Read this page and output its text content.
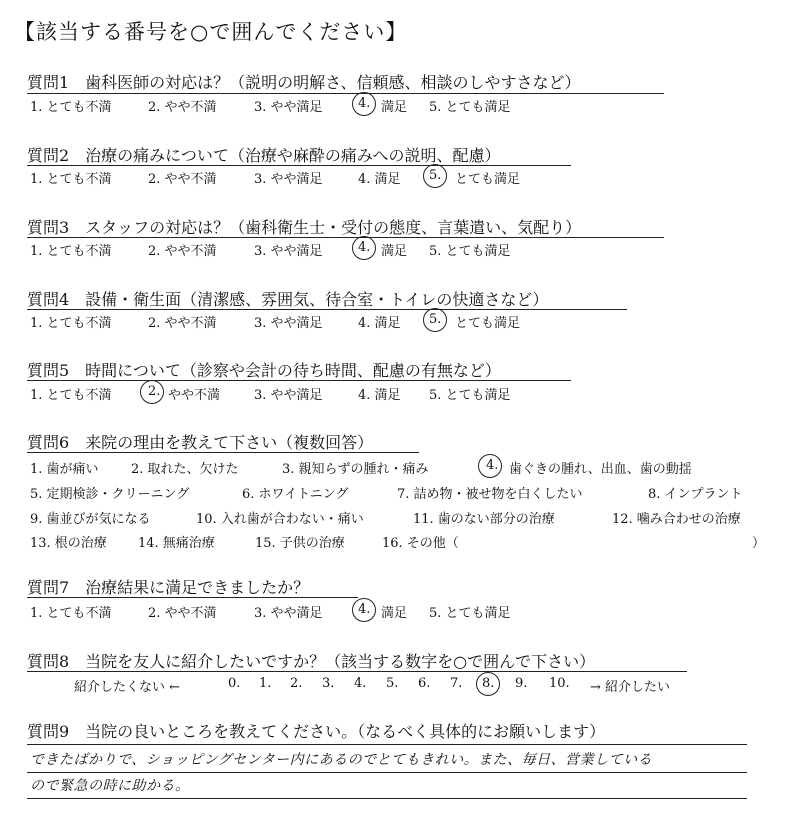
【該当する番号を○で囲んでください】
質問1　歯科医師の対応は？（説明の明解さ、信頼感、相談のしやすさなど）
1. とても不満	2. やや不満	3. やや満足	4. 満足 5. とても満足
質問2　治療の痛みについて（治療や麻酔の痛みへの説明、配慮）
1. とても不満	2. やや不満	3. やや満足	4. 満足 5. とても満足
質問3　スタッフの対応は？（歯科衛生士・受付の態度、言葉遣い、気配り）
1. とても不満	2. やや不満	3. やや満足	4. 満足 5. とても満足
質問4　設備・衛生面（清潔感、雰囲気、待合室・トイレの快適さなど）
1. とても不満	2. やや不満	3. やや満足	4. 満足 5. とても満足
質問5　時間について（診察や会計の待ち時間、配慮の有無など）
1. とても不満	2. やや不満	3. やや満足	4. 満足 5. とても満足
質問6　来院の理由を教えて下さい（複数回答）
1. 歯が痛い 2. 取れた、欠けた	3. 親知らずの腫れ・痛み	4. 歯ぐきの腫れ、出血、歯の動揺
5. 定期検診・クリーニング	6. ホワイトニング	7. 詰め物・被せ物を白くしたい	8. インプラント
9. 歯並びが気になる	10. 入れ歯が合わない・痛い	11. 歯のない部分の治療	12. 噛み合わせの治療
13. 根の治療 14. 無痛治療	15. 子供の治療	16. その他（	）
質問7　治療結果に満足できましたか？
1. とても不満	2. やや不満	3. やや満足	4. 満足 5. とても満足
質問8　当院を友人に紹介したいですか？（該当する数字を○で囲んで下さい）
紹介したくない ←	0. 1. 2. 3. 4. 5. 6. 7. 8. 9. 10. → 紹介したい
質問9　当院の良いところを教えてください。（なるべく具体的にお願いします）
できたばかりで、ショッピングセンター内にあるのでとてもきれい。また、毎日、営業している
ので緊急の時に助かる。
